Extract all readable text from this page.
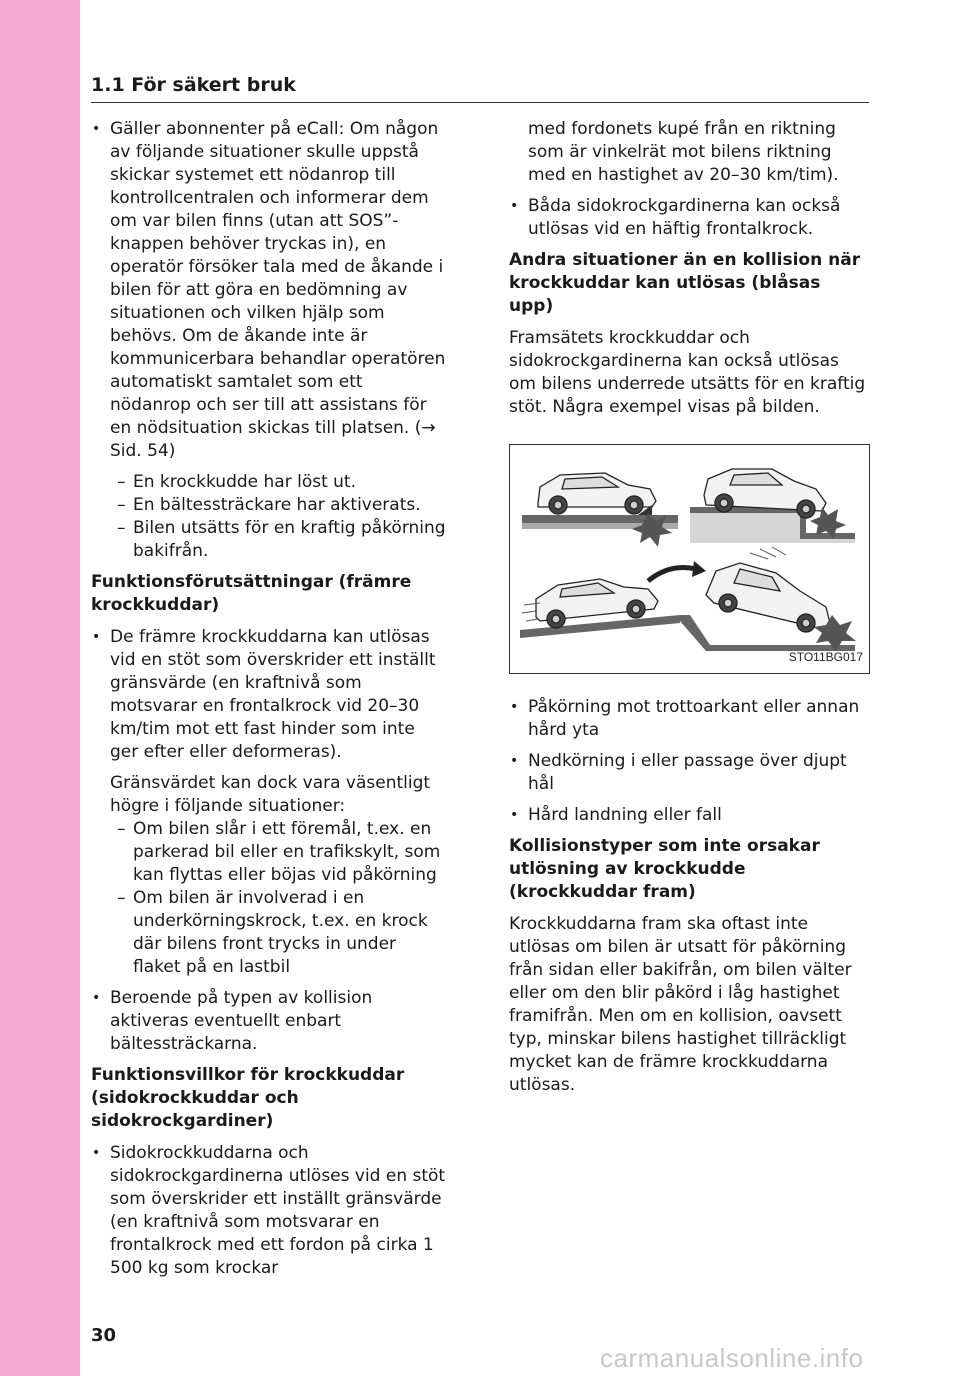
1.1 För säkert bruk
• Gäller abonnenter på eCall: Om någon av följande situationer skulle uppstå skickar systemet ett nödanrop till kontrollcentralen och informerar dem om var bilen finns (utan att SOS”-knappen behöver tryckas in), en operatör försöker tala med de åkande i bilen för att göra en bedömning av situationen och vilken hjälp som behövs. Om de åkande inte är kommunicerbara behandlar operatören automatiskt samtalet som ett nödanrop och ser till att assistans för en nödsituation skickas till platsen. (→ Sid. 54)
– En krockkudde har löst ut.
– En bältessträckare har aktiverats.
– Bilen utsätts för en kraftig påkörning bakifrån.
Funktionsförutsättningar (främre krockkuddar)
• De främre krockkuddarna kan utlösas vid en stöt som överskrider ett inställt gränsvärde (en kraftnivå som motsvarar en frontalkrock vid 20–30 km/tim mot ett fast hinder som inte ger efter eller deformeras).
Gränsvärdet kan dock vara väsentligt högre i följande situationer:
– Om bilen slår i ett föremål, t.ex. en parkerad bil eller en trafikskylt, som kan flyttas eller böjas vid påkörning
– Om bilen är involverad i en underkörningskrock, t.ex. en krock där bilens front trycks in under flaket på en lastbil
• Beroende på typen av kollision aktiveras eventuellt enbart bältessträckarna.
Funktionsvillkor för krockkuddar (sidokrockkuddar och sidokrockgardiner)
• Sidokrockkuddarna och sidokrockgardinerna utlöses vid en stöt som överskrider ett inställt gränsvärde (en kraftnivå som motsvarar en frontalkrock med ett fordon på cirka 1 500 kg som krockar
med fordonets kupé från en riktning som är vinkelrät mot bilens riktning med en hastighet av 20–30 km/tim).
• Båda sidokrockgardinerna kan också utlösas vid en häftig frontalkrock.
Andra situationer än en kollision när krockkuddar kan utlösas (blåsas upp)
Framsätets krockkuddar och sidokrockgardinerna kan också utlösas om bilens underrede utsätts för en kraftig stöt. Några exempel visas på bilden.
STO11BG017
• Påkörning mot trottoarkant eller annan hård yta
• Nedkörning i eller passage över djupt hål
• Hård landning eller fall
Kollisionstyper som inte orsakar utlösning av krockkudde (krockkuddar fram)
Krockkuddarna fram ska oftast inte utlösas om bilen är utsatt för påkörning från sidan eller bakifrån, om bilen välter eller om den blir påkörd i låg hastighet framifrån. Men om en kollision, oavsett typ, minskar bilens hastighet tillräckligt mycket kan de främre krockkuddarna utlösas.
30
carmanualsonline.info
